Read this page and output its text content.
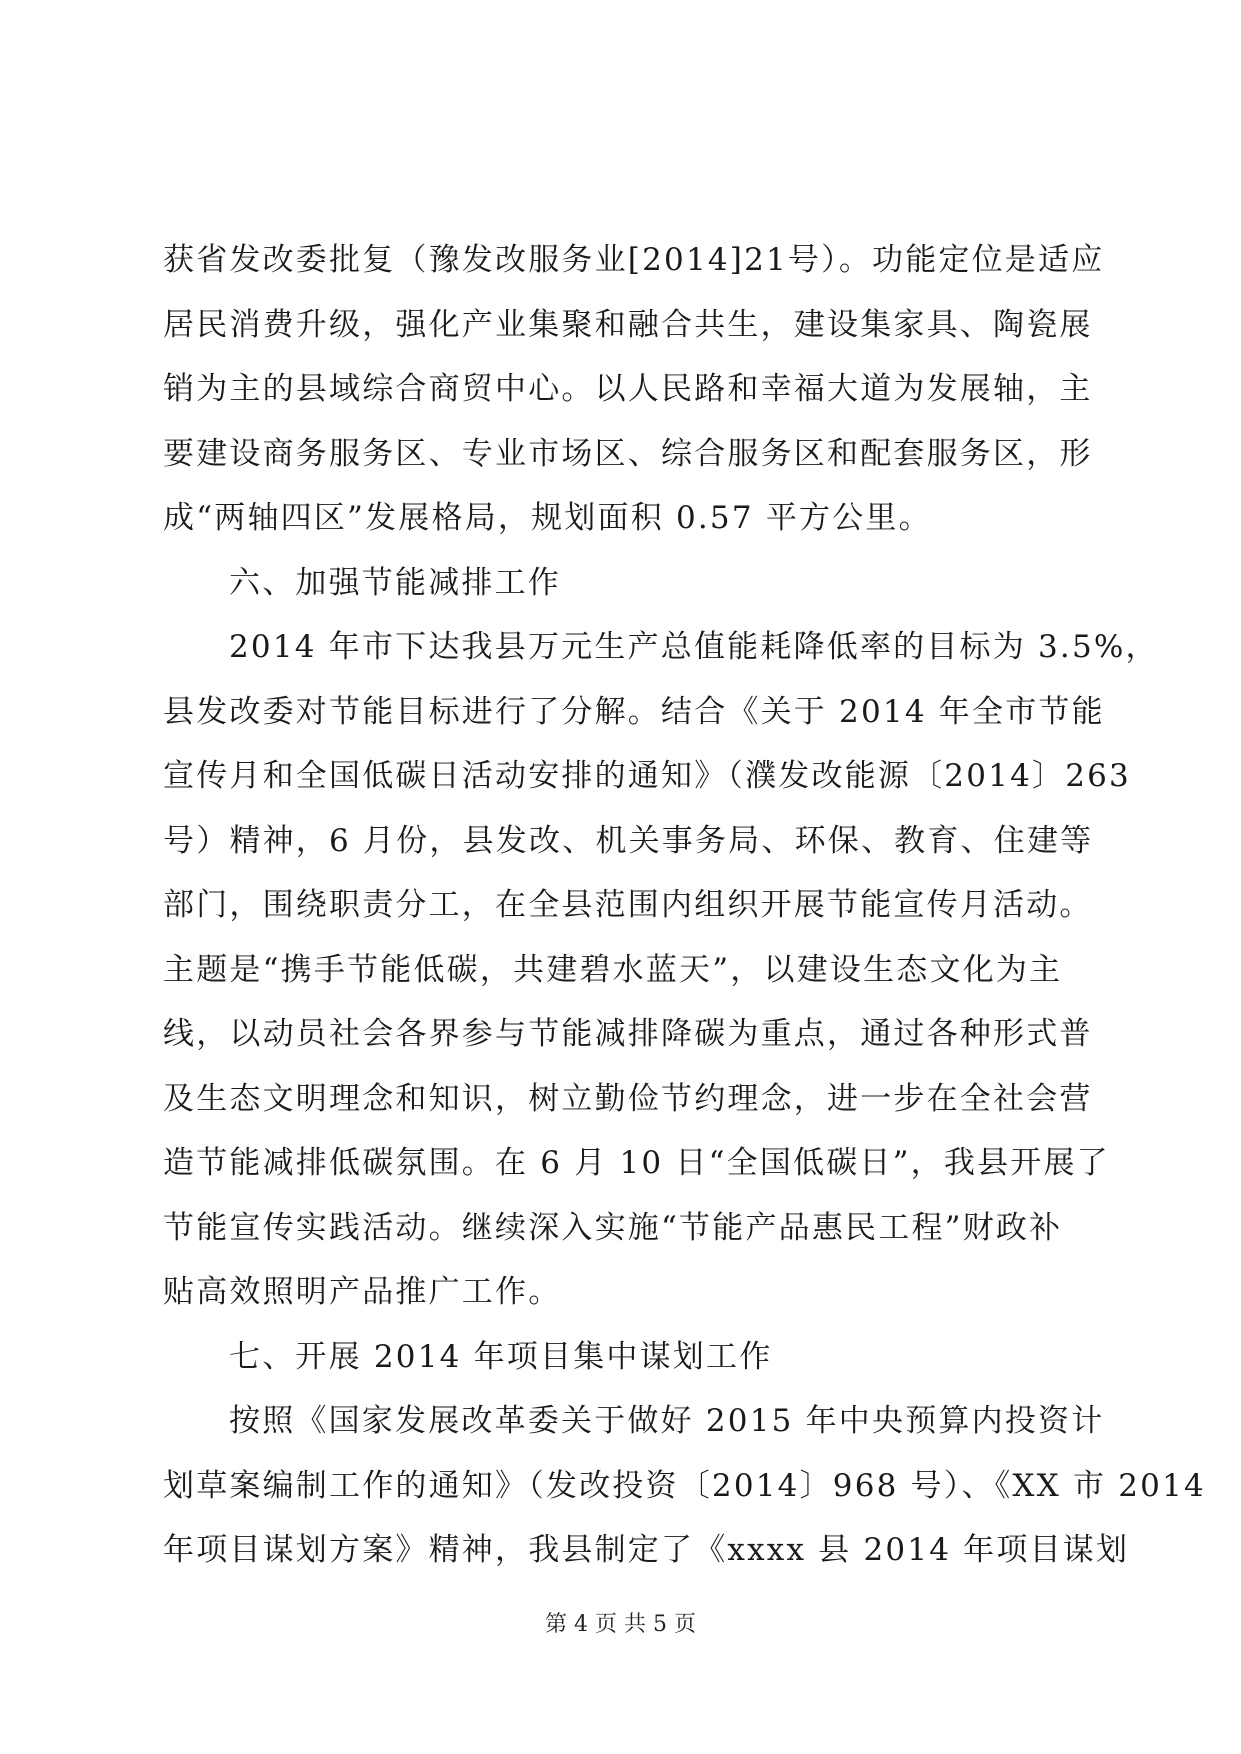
获省发改委批复（豫发改服务业[2014]21号）。功能定位是适应
居民消费升级，强化产业集聚和融合共生，建设集家具、陶瓷展
销为主的县域综合商贸中心。以人民路和幸福大道为发展轴，主
要建设商务服务区、专业市场区、综合服务区和配套服务区，形
成“两轴四区”发展格局，规划面积 0.57 平方公里。
六、加强节能减排工作
2014 年市下达我县万元生产总值能耗降低率的目标为 3.5%，
县发改委对节能目标进行了分解。结合《关于 2014 年全市节能
宣传月和全国低碳日活动安排的通知》（濮发改能源〔2014〕263
号）精神，6 月份，县发改、机关事务局、环保、教育、住建等
部门，围绕职责分工，在全县范围内组织开展节能宣传月活动。
主题是“携手节能低碳，共建碧水蓝天”，以建设生态文化为主
线，以动员社会各界参与节能减排降碳为重点，通过各种形式普
及生态文明理念和知识，树立勤俭节约理念，进一步在全社会营
造节能减排低碳氛围。在 6 月 10 日“全国低碳日”，我县开展了
节能宣传实践活动。继续深入实施“节能产品惠民工程”财政补
贴高效照明产品推广工作。
七、开展 2014 年项目集中谋划工作
按照《国家发展改革委关于做好 2015 年中央预算内投资计
划草案编制工作的通知》（发改投资〔2014〕968 号）、《XX 市 2014
年项目谋划方案》精神，我县制定了《xxxx 县 2014 年项目谋划
第 4 页 共 5 页
